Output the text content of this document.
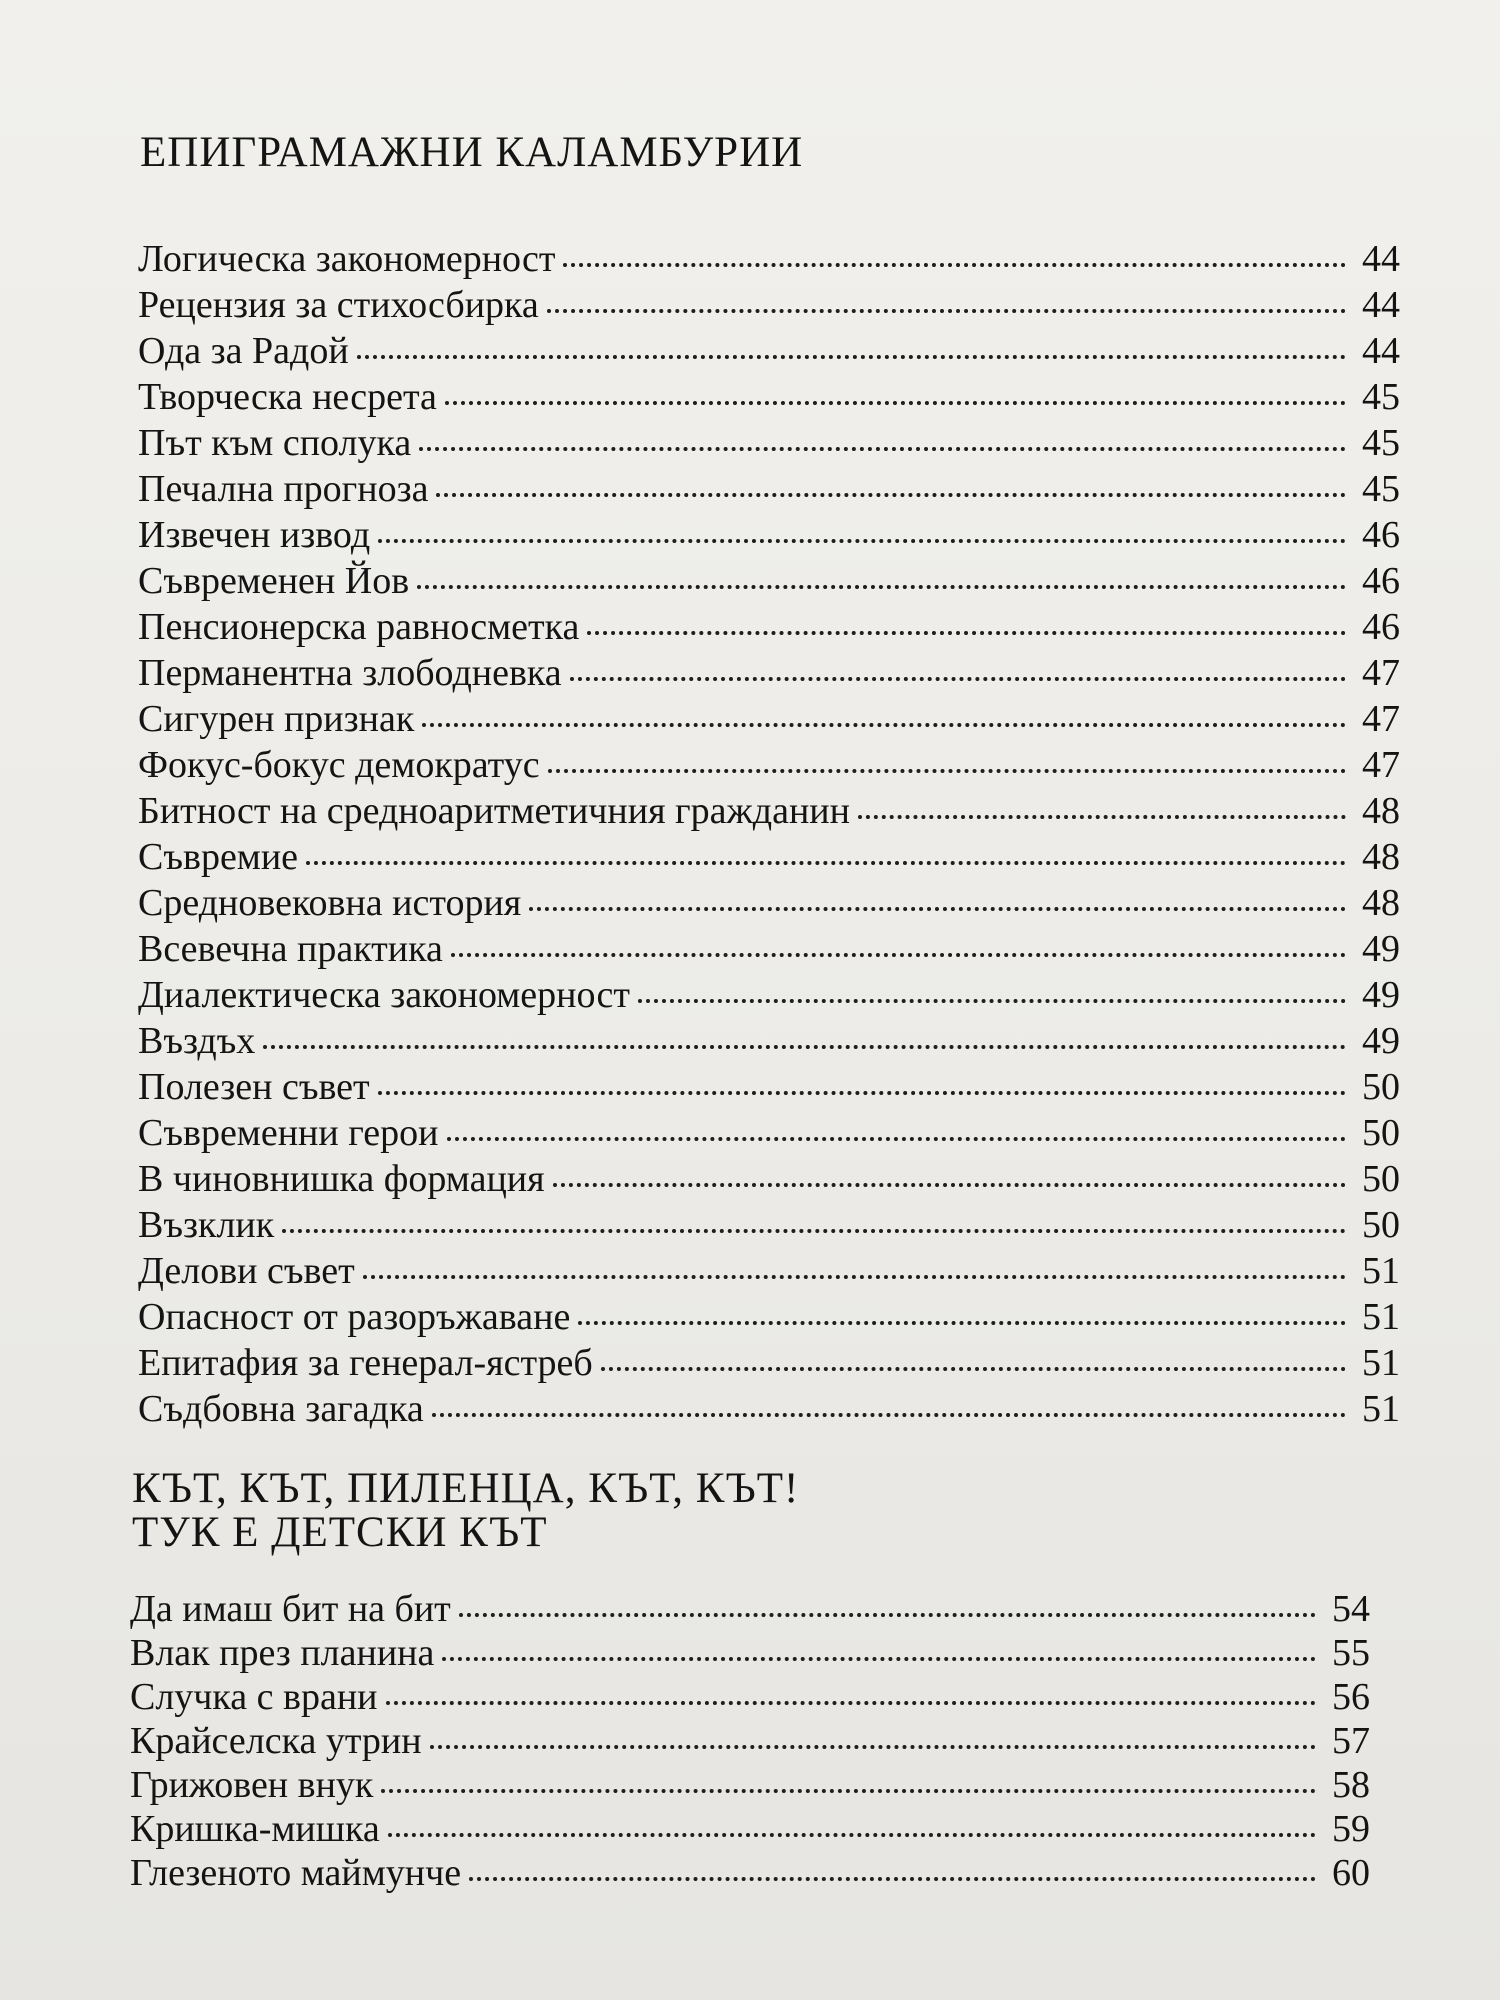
ЕПИГРАМАЖНИ КАЛАМБУРИИ
Логическа закономерност	44
Рецензия за стихосбирка	44
Ода за Радой	44
Творческа несрета	45
Път към сполука	45
Печална прогноза	45
Извечен извод	46
Съвременен Йов	46
Пенсионерска равносметка	46
Перманентна злободневка	47
Сигурен признак	47
Фокус-бокус демократус	47
Битност на средноаритметичния гражданин	48
Съвремие	48
Средновековна история	48
Всевечна практика	49
Диалектическа закономерност	49
Въздъх	49
Полезен съвет	50
Съвременни герои	50
В чиновнишка формация	50
Възклик	50
Делови съвет	51
Опасност от разоръжаване	51
Епитафия за генерал-ястреб	51
Съдбовна загадка	51
КЪТ, КЪТ, ПИЛЕНЦА, КЪТ, КЪТ!
ТУК Е ДЕТСКИ КЪТ
Да имаш бит на бит	54
Влак през планина	55
Случка с врани	56
Крайселска утрин	57
Грижовен внук	58
Кришка-мишка	59
Глезеното маймунче	60
